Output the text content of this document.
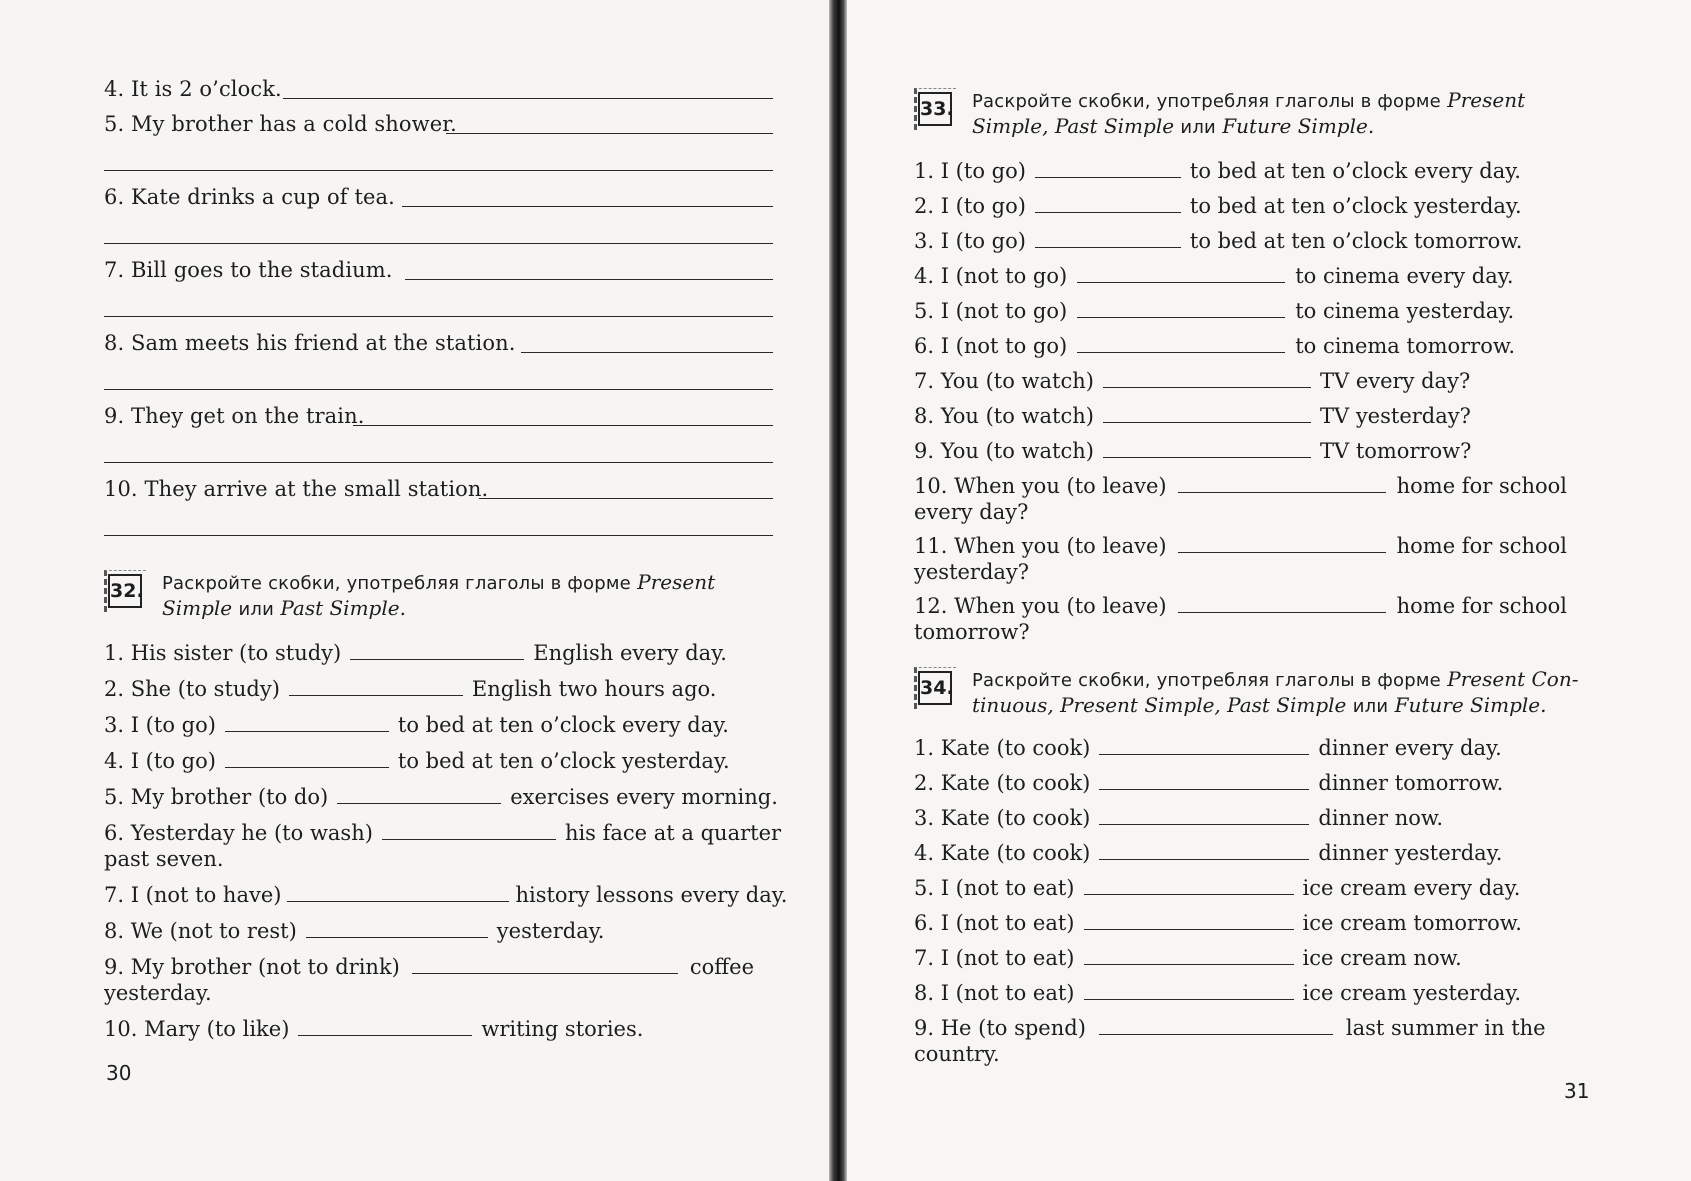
4. It is 2 o’clock.
5. My brother has a cold shower.
6. Kate drinks a cup of tea.
7. Bill goes to the stadium.
8. Sam meets his friend at the station.
9. They get on the train.
10. They arrive at the small station.
32. Раскройте скобки, употребляя глаголы в форме Present
Simple или Past Simple.
1. His sister (to study)	English every day.
2. She (to study)	English two hours ago.
3. I (to go)	to bed at ten o’clock every day.
4. I (to go)	to bed at ten o’clock yesterday.
5. My brother (to do)	exercises every morning.
6. Yesterday he (to wash)	his face at a quarter
past seven.
7. I (not to have)	history lessons every day.
8. We (not to rest)	yesterday.
9. My brother (not to drink)	coffee
yesterday.
10. Mary (to like)	writing stories.
30
33. Раскройте скобки, употребляя глаголы в форме Present
Simple, Past Simple или Future Simple.
1. I (to go)	to bed at ten o’clock every day.
2. I (to go)	to bed at ten o’clock yesterday.
3. I (to go)	to bed at ten o’clock tomorrow.
4. I (not to go)	to cinema every day.
5. I (not to go)	to cinema yesterday.
6. I (not to go)	to cinema tomorrow.
7. You (to watch)	TV every day?
8. You (to watch)	TV yesterday?
9. You (to watch)	TV tomorrow?
10. When you (to leave)	home for school
every day?
11. When you (to leave)	home for school
yesterday?
12. When you (to leave)	home for school
tomorrow?
34. Раскройте скобки, употребляя глаголы в форме Present Con-
tinuous, Present Simple, Past Simple или Future Simple.
1. Kate (to cook)	dinner every day.
2. Kate (to cook)	dinner tomorrow.
3. Kate (to cook)	dinner now.
4. Kate (to cook)	dinner yesterday.
5. I (not to eat)	ice cream every day.
6. I (not to eat)	ice cream tomorrow.
7. I (not to eat)	ice cream now.
8. I (not to eat)	ice cream yesterday.
9. He (to spend)	last summer in the
country.
31
